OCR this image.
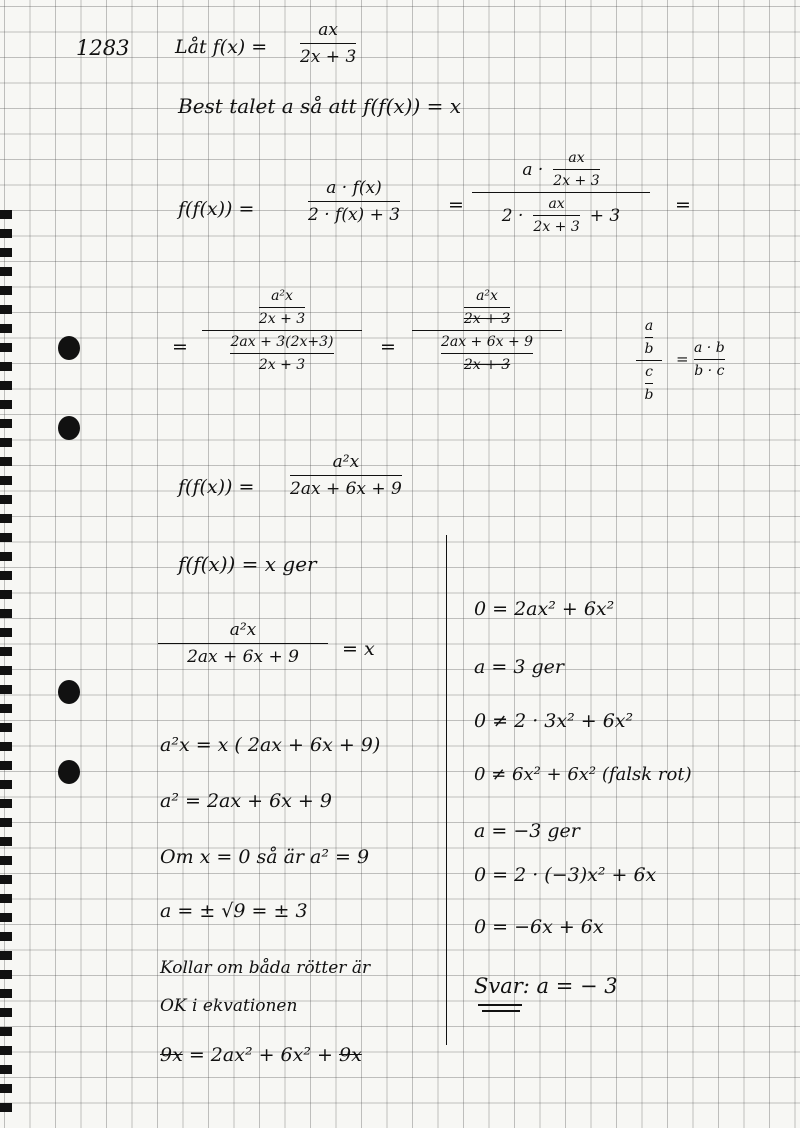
1283 Låt f(x) =
ax
2x + 3
Best talet a så att f(f(x)) = x
f(f(x)) =
a · f(x)
2 · f(x) + 3	=
$a \cdot \frac{ax}{2x + 3}$
$2 \cdot \frac{ax}{2x + 3} + 3$	=
=
$\frac{\text{a²x}}{2x + 3}$
$\frac{2ax + 3(2x+3)}{2x + 3}$ =
$\frac{\text{a²x}}{2x + 3}$
$\frac{2ax + 6x + 9}{2x + 3}$	$\frac{a}{b}$
$\frac{c}{b}$
=
a · b
b · c
f(f(x)) =
a²x
2ax + 6x + 9
f(f(x)) = x ger
a²x
2ax + 6x + 9 = x
a²x = x ( 2ax + 6x + 9)
a² = 2ax + 6x + 9
Om x = 0 så är a² = 9
a = ± √9 = ± 3
Kollar om båda rötter är
OK i ekvationen
9x = 2ax² + 6x² + 9x
0 = 2ax² + 6x²
a = 3 ger
0 ≠ 2 · 3x² + 6x²
0 ≠ 6x² + 6x² (falsk rot)
a = −3 ger
0 = 2 · (−3)x² + 6x
0 = −6x + 6x
Svar: a = − 3
